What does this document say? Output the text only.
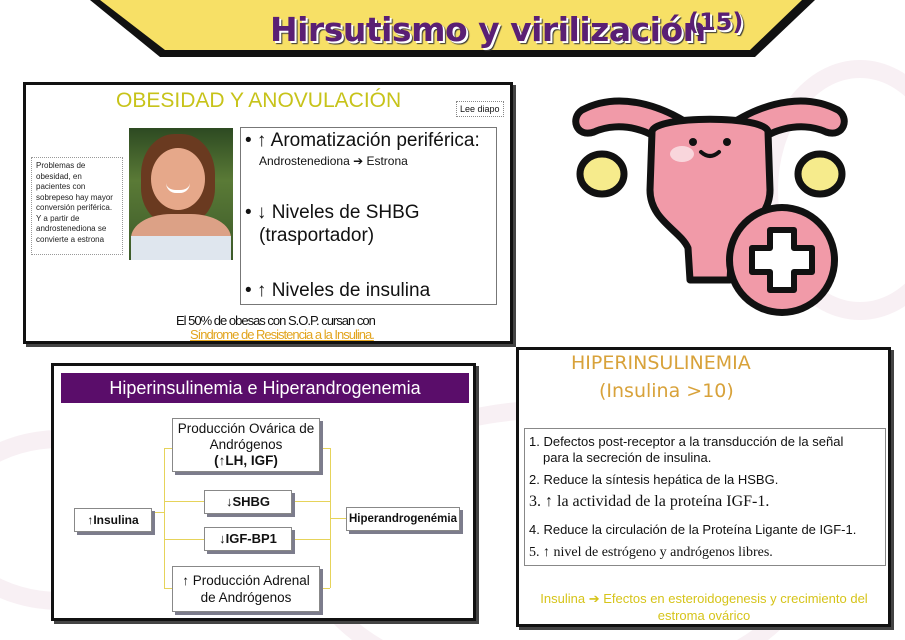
Hirsutismo y virilización
(15)
OBESIDAD Y ANOVULACIÓN	Lee diapo
Problemas de obesidad, en pacientes con sobrepeso hay mayor conversión periférica. Y a partir de androstenediona se convierte a estrona
• ↑ Aromatización periférica:
Androstenediona ➔ Estrona
• ↓ Niveles de SHBG
(trasportador)
• ↑ Niveles de insulina
El 50% de obesas con S.O.P. cursan con
Síndrome de Resistencia a la Insulina.
Hiperinsulinemia e Hiperandrogenemia
↑Insulina
Producción Ovárica de
Andrógenos
(↑LH, IGF)
↓SHBG
↓IGF-BP1
↑ Producción Adrenal
de Andrógenos
Hiperandrogenémia
HIPERINSULINEMIA
(Insulina >10)
1. Defectos post-receptor a la transducción de la señal
para la secreción de insulina.
2. Reduce la síntesis hepática de la HSBG.
3. ↑ la actividad de la proteína IGF-1.
4. Reduce la circulación de la Proteína Ligante de IGF-1.
5. ↑ nivel de estrógeno y andrógenos libres.
Insulina ➔ Efectos en esteroidogenesis y crecimiento del
estroma ovárico
